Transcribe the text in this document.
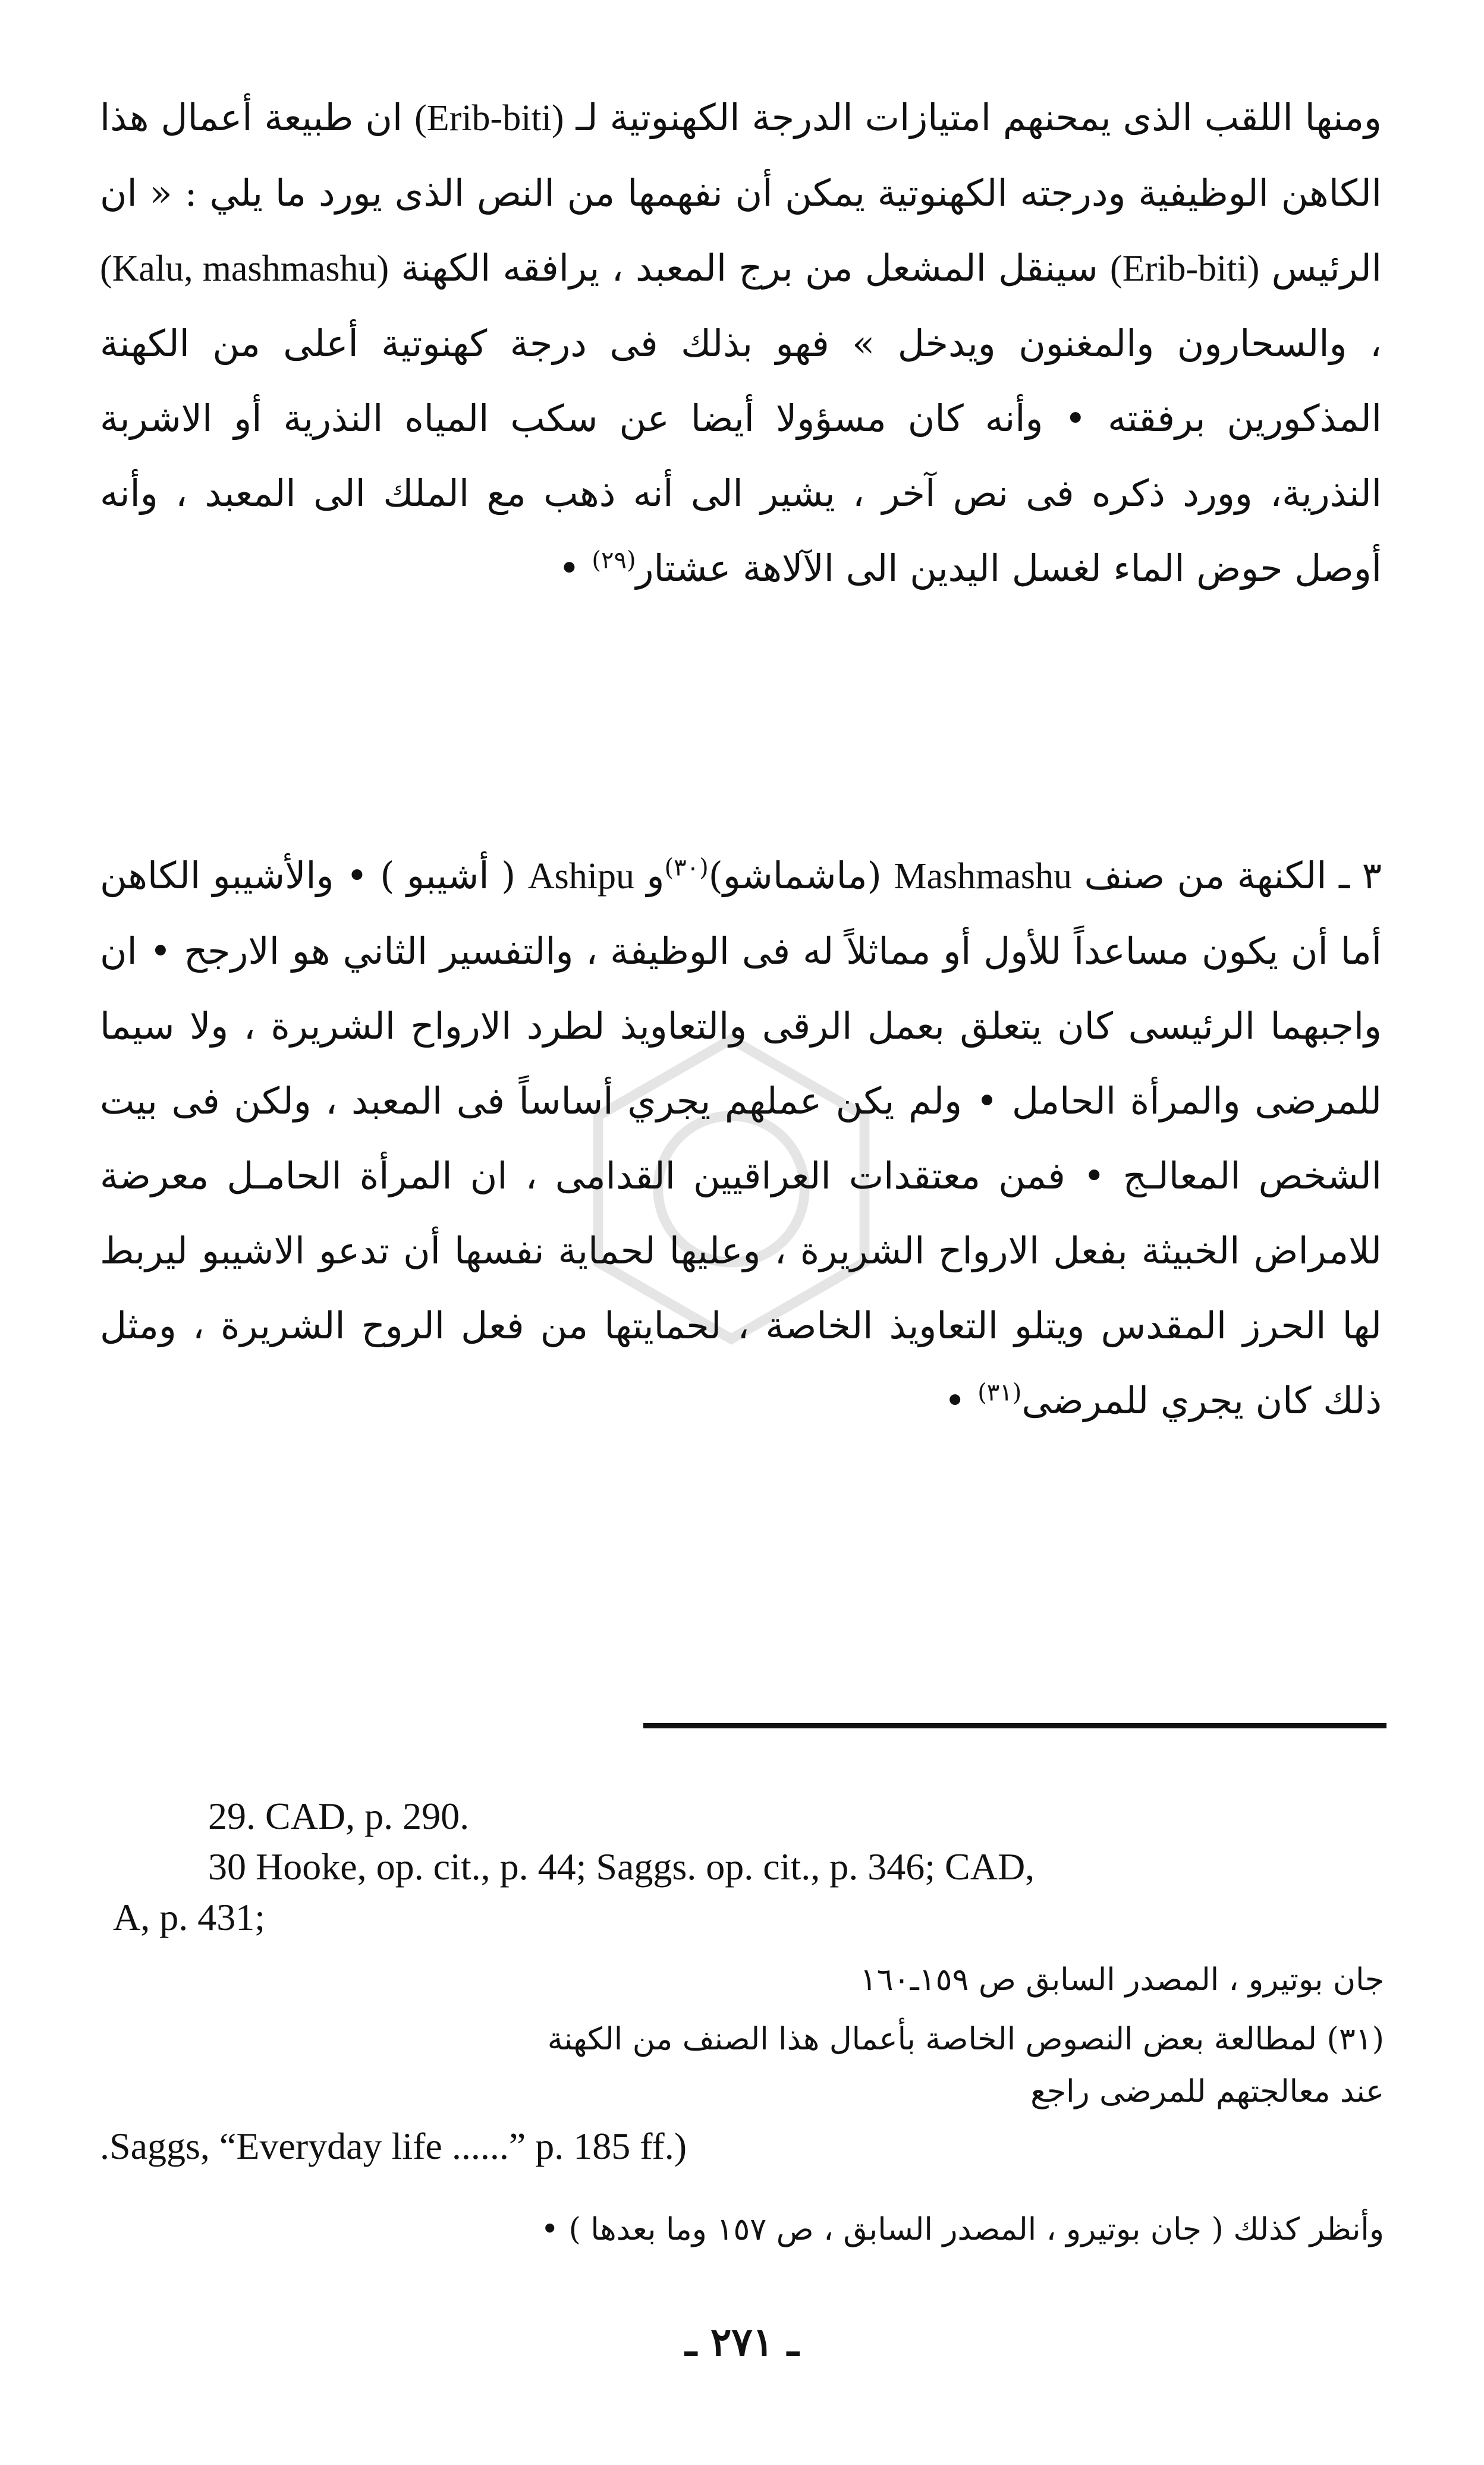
ومنها اللقب الذى يمحنهم امتيازات الدرجة الكهنوتية لـ (Erib-biti) ان طبيعة أعمال هذا الكاهن الوظيفية ودرجته الكهنوتية يمكن أن نفهمها من النص الذى يورد ما يلي : « ان الرئيس (Erib-biti) سينقل المشعل من برج المعبد ، يرافقه الكهنة (Kalu, mashmashu) ، والسحارون والمغنون ويدخل » فهو بذلك فى درجة كهنوتية أعلى من الكهنة المذكورين برفقته • وأنه كان مسؤولا أيضا عن سكب المياه النذرية أو الاشربة النذرية، وورد ذكره فى نص آخر ، يشير الى أنه ذهب مع الملك الى المعبد ، وأنه أوصل حوض الماء لغسل اليدين الى الآلاهة عشتار$^{(٢٩)}$ •

٣ ـ الكنهة من صنف Mashmashu (ماشماشو)$^{(٣٠)}$و Ashipu ( أشيبو ) • والأشيبو الكاهن أما أن يكون مساعداً للأول أو مماثلاً له فى الوظيفة ، والتفسير الثاني هو الارجح • ان واجبهما الرئيسى كان يتعلق بعمل الرقى والتعاويذ لطرد الارواح الشريرة ، ولا سيما للمرضى والمرأة الحامل • ولم يكن عملهم يجري أساساً فى المعبد ، ولكن فى بيت الشخص المعالـج • فمن معتقدات العراقيين القدامى ، ان المرأة الحامـل معرضة للامراض الخبيثة بفعل الارواح الشريرة ، وعليها لحماية نفسها أن تدعو الاشيبو ليربط لها الحرز المقدس ويتلو التعاويذ الخاصة ، لحمايتها من فعل الروح الشريرة ، ومثل ذلك كان يجري للمرضى$^{(٣١)}$ •

29. CAD, p. 290.
30 Hooke, op. cit., p. 44; Saggs. op. cit., p. 346; CAD,
A, p. 431;
جان بوتيرو ، المصدر السابق ص ١٥٩ـ١٦٠
(٣١) لمطالعة بعض النصوص الخاصة بأعمال هذا الصنف من الكهنة
عند معالجتهم للمرضى راجع
.Saggs, “Everyday life ......” p. 185 ff.)
وأنظر كذلك ( جان بوتيرو ، المصدر السابق ، ص ١٥٧ وما بعدها ) •
ـ ٢٧١ ـ
